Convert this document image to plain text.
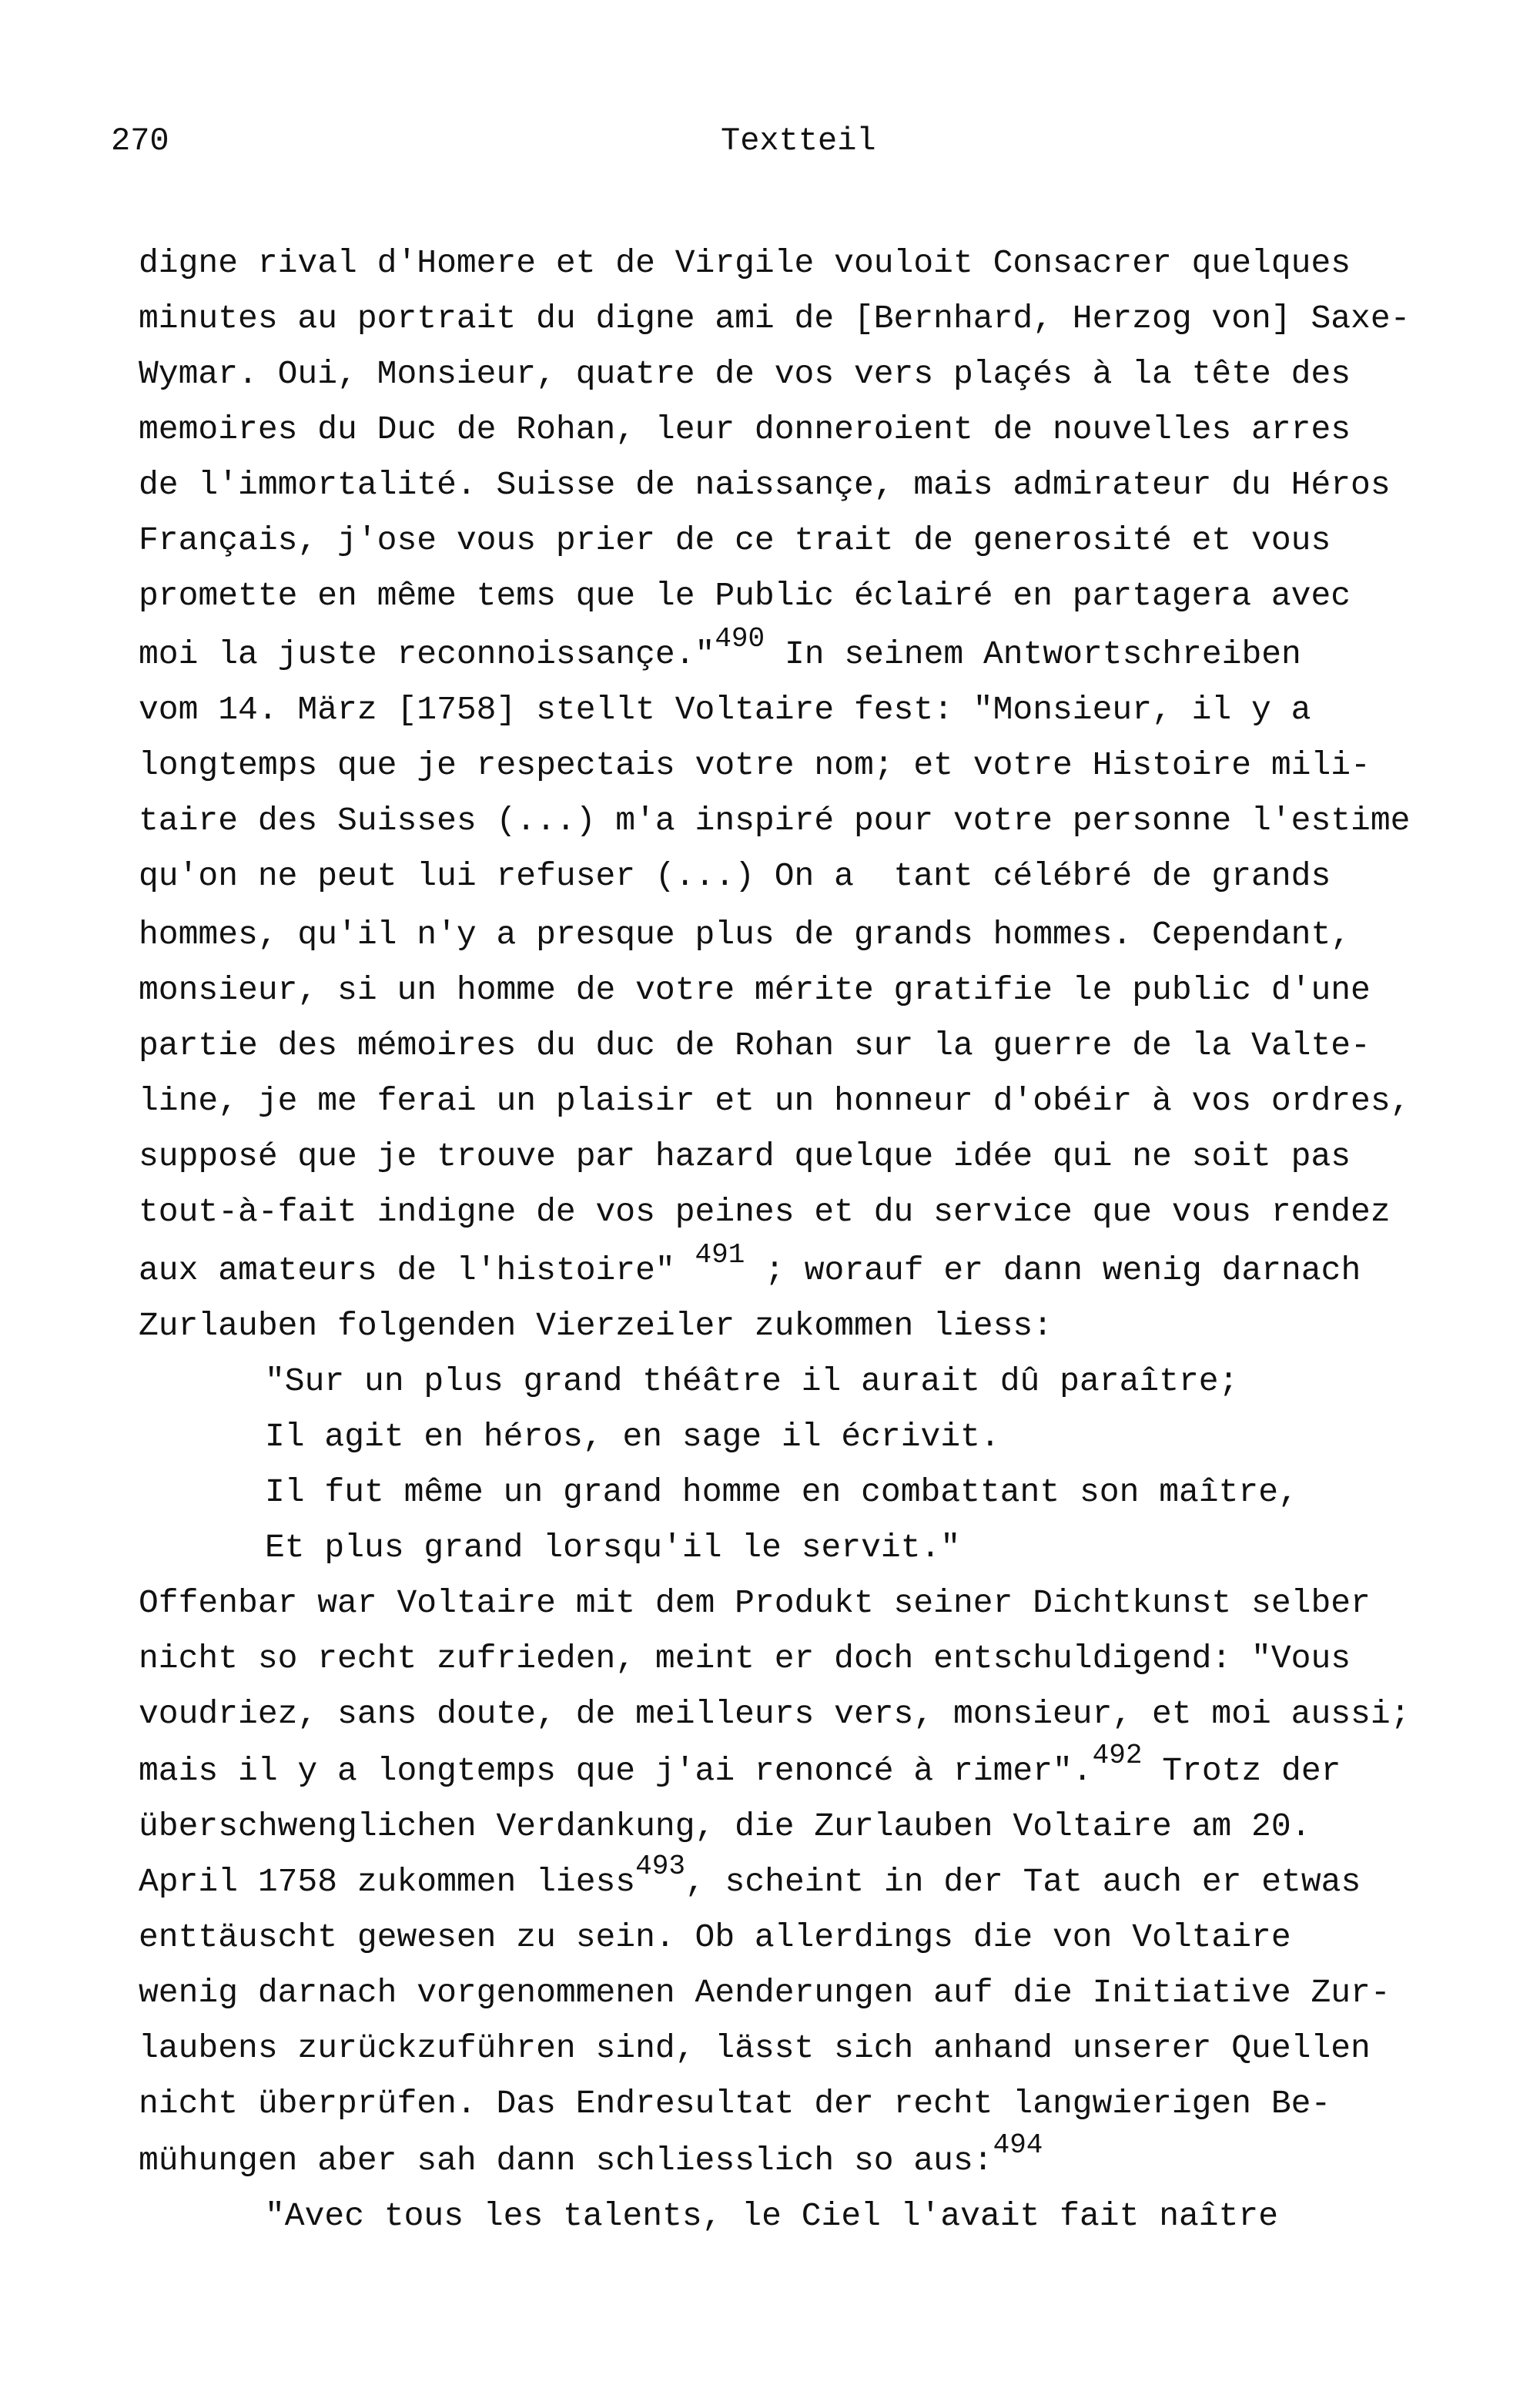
270	Textteil
digne rival d'Homere et de Virgile vouloit Consacrer quelques
minutes au portrait du digne ami de [Bernhard, Herzog von] Saxe-
Wymar. Oui, Monsieur, quatre de vos vers plaçés à la tête des
memoires du Duc de Rohan, leur donneroient de nouvelles arres
de l'immortalité. Suisse de naissançe, mais admirateur du Héros
Français, j'ose vous prier de ce trait de generosité et vous
promette en même tems que le Public éclairé en partagera avec
moi la juste reconnoissançe."$^{490}$ In seinem Antwortschreiben
vom 14. März [1758] stellt Voltaire fest: "Monsieur, il y a
longtemps que je respectais votre nom; et votre Histoire mili-
taire des Suisses (...) m'a inspiré pour votre personne l'estime
qu'on ne peut lui refuser (...) On a  tant célébré de grands
hommes, qu'il n'y a presque plus de grands hommes. Cependant,
monsieur, si un homme de votre mérite gratifie le public d'une
partie des mémoires du duc de Rohan sur la guerre de la Valte-
line, je me ferai un plaisir et un honneur d'obéir à vos ordres,
supposé que je trouve par hazard quelque idée qui ne soit pas
tout-à-fait indigne de vos peines et du service que vous rendez
aux amateurs de l'histoire" $^{491}$ ; worauf er dann wenig darnach
Zurlauben folgenden Vierzeiler zukommen liess:
"Sur un plus grand théâtre il aurait dû paraître;
Il agit en héros, en sage il écrivit.
Il fut même un grand homme en combattant son maître,
Et plus grand lorsqu'il le servit."
Offenbar war Voltaire mit dem Produkt seiner Dichtkunst selber
nicht so recht zufrieden, meint er doch entschuldigend: "Vous
voudriez, sans doute, de meilleurs vers, monsieur, et moi aussi;
mais il y a longtemps que j'ai renoncé à rimer".$^{492}$ Trotz der
überschwenglichen Verdankung, die Zurlauben Voltaire am 20.
April 1758 zukommen liess$^{493}$, scheint in der Tat auch er etwas
enttäuscht gewesen zu sein. Ob allerdings die von Voltaire
wenig darnach vorgenommenen Aenderungen auf die Initiative Zur-
laubens zurückzuführen sind, lässt sich anhand unserer Quellen
nicht überprüfen. Das Endresultat der recht langwierigen Be-
mühungen aber sah dann schliesslich so aus:$^{494}$
"Avec tous les talents, le Ciel l'avait fait naître
